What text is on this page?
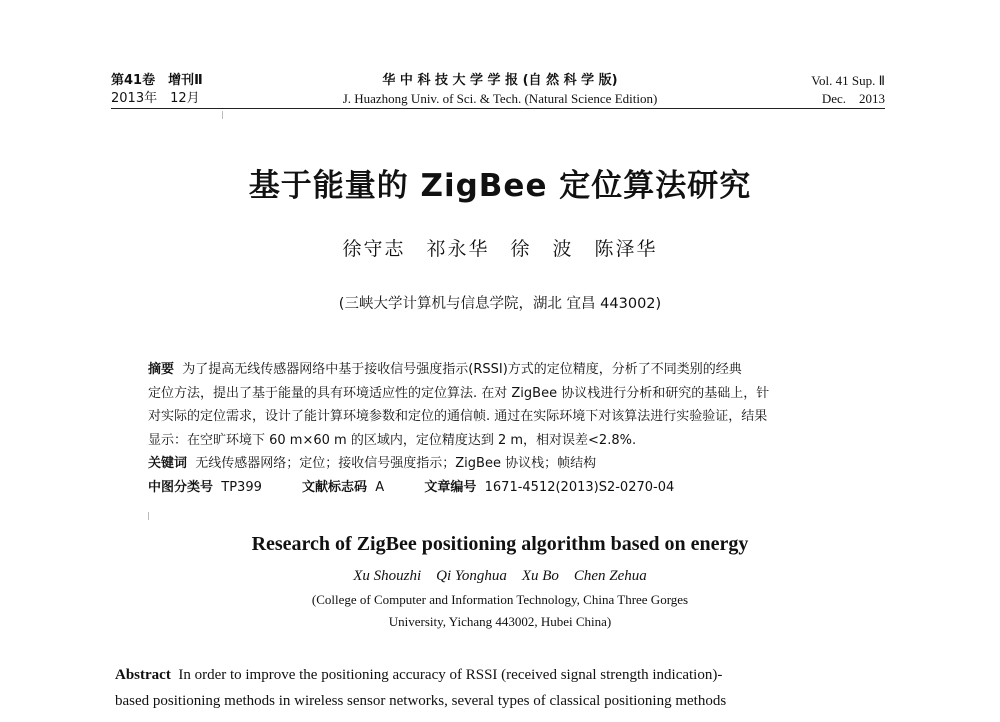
第41卷　增刊Ⅱ
2013年　12月
华 中 科 技 大 学 学 报 (自 然 科 学 版)
J. Huazhong Univ. of Sci. & Tech. (Natural Science Edition)
Vol. 41 Sup. Ⅱ
Dec.　2013
基于能量的 ZigBee 定位算法研究
徐守志　祁永华　徐　波　陈泽华
(三峡大学计算机与信息学院，湖北 宜昌 443002)
摘要 为了提高无线传感器网络中基于接收信号强度指示(RSSI)方式的定位精度，分析了不同类别的经典
定位方法，提出了基于能量的具有环境适应性的定位算法. 在对 ZigBee 协议栈进行分析和研究的基础上，针
对实际的定位需求，设计了能计算环境参数和定位的通信帧. 通过在实际环境下对该算法进行实验验证，结果
显示：在空旷环境下 60 m×60 m 的区域内，定位精度达到 2 m，相对误差<2.8%.
关键词 无线传感器网络；定位；接收信号强度指示；ZigBee 协议栈；帧结构
中图分类号 TP399	文献标志码 A	文章编号 1671-4512(2013)S2-0270-04
Research of ZigBee positioning algorithm based on energy
Xu Shouzhi　Qi Yonghua　Xu Bo　Chen Zehua
(College of Computer and Information Technology, China Three Gorges
University, Yichang 443002, Hubei China)
Abstract In order to improve the positioning accuracy of RSSI (received signal strength indication)-
based positioning methods in wireless sensor networks, several types of classical positioning methods
